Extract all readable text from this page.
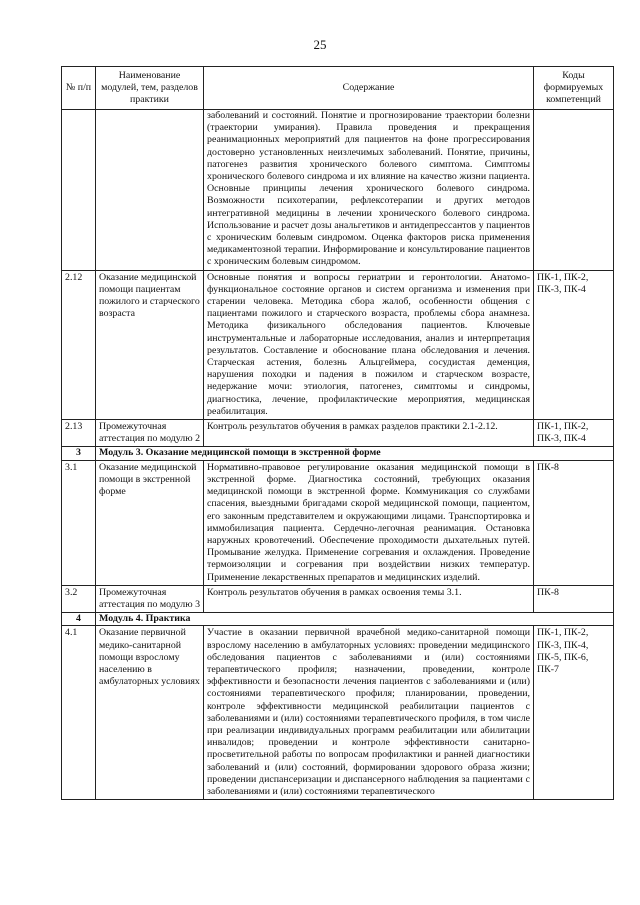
25
№ п/п	Наименование модулей, тем, разделов практики	Содержание	Коды формируемых компетенций
		заболеваний и состояний. Понятие и прогнозирование траектории болезни (траектории умирания). Правила проведения и прекращения реанимационных мероприятий для пациентов на фоне прогрессирования достоверно установленных неизлечимых заболеваний. Понятие, причины, патогенез развития хронического болевого симптома. Симптомы хронического болевого синдрома и их влияние на качество жизни пациента. Основные принципы лечения хронического болевого синдрома. Возможности психотерапии, рефлексотерапии и других методов интегративной медицины в лечении хронического болевого синдрома. Использование и расчет дозы анальгетиков и антидепрессантов у пациентов с хроническим болевым синдромом. Оценка факторов риска применения медикаментозной терапии. Информирование и консультирование пациентов с хроническим болевым синдромом.	
2.12	Оказание медицинской помощи пациентам пожилого и старческого возраста	Основные понятия и вопросы гериатрии и геронтологии. Анатомо-функциональное состояние органов и систем организма и изменения при старении человека. Методика сбора жалоб, особенности общения с пациентами пожилого и старческого возраста, проблемы сбора анамнеза. Методика физикального обследования пациентов. Ключевые инструментальные и лабораторные исследования, анализ и интерпретация результатов. Составление и обоснование плана обследования и лечения. Старческая астения, болезнь Альцгеймера, сосудистая деменция, нарушения походки и падения в пожилом и старческом возрасте, недержание мочи: этиология, патогенез, симптомы и синдромы, диагностика, лечение, профилактические мероприятия, медицинская реабилитация.	ПК-1, ПК-2, ПК-3, ПК-4
2.13	Промежуточная аттестация по модулю 2	Контроль результатов обучения в рамках разделов практики 2.1-2.12.	ПК-1, ПК-2, ПК-3, ПК-4
3	Модуль 3. Оказание медицинской помощи в экстренной форме		
3.1	Оказание медицинской помощи в экстренной форме	Нормативно-правовое регулирование оказания медицинской помощи в экстренной форме. Диагностика состояний, требующих оказания медицинской помощи в экстренной форме. Коммуникация со службами спасения, выездными бригадами скорой медицинской помощи, пациентом, его законным представителем и окружающими лицами. Транспортировка и иммобилизация пациента. Сердечно-легочная реанимация. Остановка наружных кровотечений. Обеспечение проходимости дыхательных путей. Промывание желудка. Применение согревания и охлаждения. Проведение термоизоляции и согревания при воздействии низких температур. Применение лекарственных препаратов и медицинских изделий.	ПК-8
3.2	Промежуточная аттестация по модулю 3	Контроль результатов обучения в рамках освоения темы 3.1.	ПК-8
4	Модуль 4. Практика		
4.1	Оказание первичной медико-санитарной помощи взрослому населению в амбулаторных условиях	Участие в оказании первичной врачебной медико-санитарной помощи взрослому населению в амбулаторных условиях: проведении медицинского обследования пациентов с заболеваниями и (или) состояниями терапевтического профиля; назначении, проведении, контроле эффективности и безопасности лечения пациентов с заболеваниями и (или) состояниями терапевтического профиля; планировании, проведении, контроле эффективности медицинской реабилитации пациентов с заболеваниями и (или) состояниями терапевтического профиля, в том числе при реализации индивидуальных программ реабилитации или абилитации инвалидов; проведении и контроле эффективности санитарно-просветительной работы по вопросам профилактики и ранней диагностики заболеваний и (или) состояний, формировании здорового образа жизни; проведении диспансеризации и диспансерного наблюдения за пациентами с заболеваниями и (или) состояниями терапевтического	ПК-1, ПК-2, ПК-3, ПК-4, ПК-5, ПК-6, ПК-7
